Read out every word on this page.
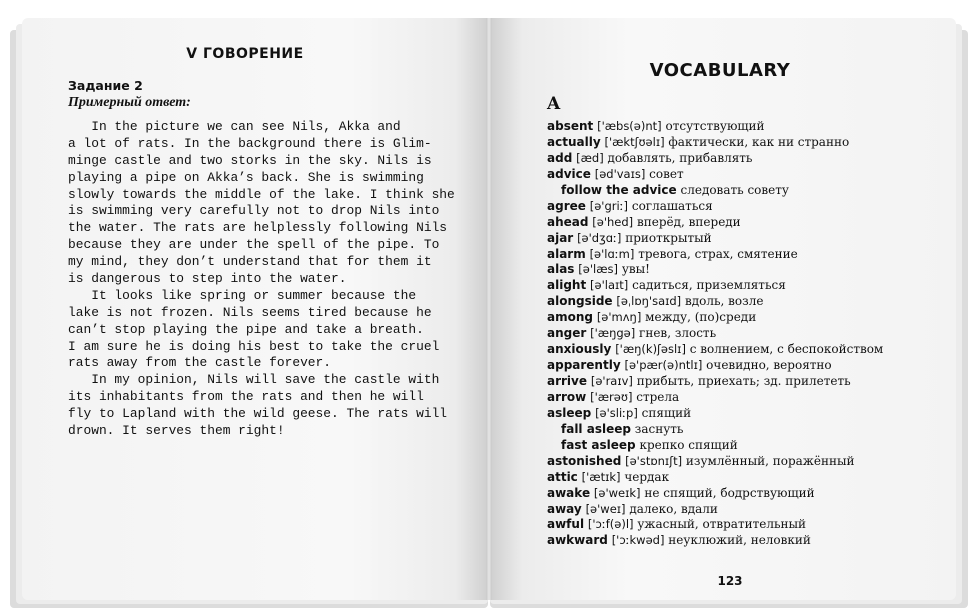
V ГОВОРЕНИЕ
Задание 2
Примерный ответ:
In the picture we can see Nils, Akka and
a lot of rats. In the background there is Glim-
minge castle and two storks in the sky. Nils is
playing a pipe on Akka’s back. She is swimming
slowly towards the middle of the lake. I think she
is swimming very carefully not to drop Nils into
the water. The rats are helplessly following Nils
because they are under the spell of the pipe. To
my mind, they don’t understand that for them it
is dangerous to step into the water.
It looks like spring or summer because the
lake is not frozen. Nils seems tired because he
can’t stop playing the pipe and take a breath.
I am sure he is doing his best to take the cruel
rats away from the castle forever.
In my opinion, Nils will save the castle with
its inhabitants from the rats and then he will
fly to Lapland with the wild geese. The rats will
drown. It serves them right!
VOCABULARY
A
absent ['æbs(ə)nt] отсутствующий
actually ['æktʃʊəlɪ] фактически, как ни странно
add [æd] добавлять, прибавлять
advice [əd'vaɪs] совет
follow the advice следовать совету
agree [ə'griː] соглашаться
ahead [ə'hed] вперёд, впереди
ajar [ə'dʒɑː] приоткрытый
alarm [ə'lɑːm] тревога, страх, смятение
alas [ə'læs] увы!
alight [ə'laɪt] садиться, приземляться
alongside [əˌlɒŋ'saɪd] вдоль, возле
among [ə'mʌŋ] между, (по)среди
anger ['æŋgə] гнев, злость
anxiously ['æŋ(k)ʃəslɪ] с волнением, с беспокойством
apparently [ə'pær(ə)ntlɪ] очевидно, вероятно
arrive [ə'raɪv] прибыть, приехать; зд. прилететь
arrow ['ærəʊ] стрела
asleep [ə'sliːp] спящий
fall asleep заснуть
fast asleep крепко спящий
astonished [ə'stɒnɪʃt] изумлённый, поражённый
attic ['ætɪk] чердак
awake [ə'weɪk] не спящий, бодрствующий
away [ə'weɪ] далеко, вдали
awful ['ɔːf(ə)l] ужасный, отвратительный
awkward ['ɔːkwəd] неуклюжий, неловкий
123
